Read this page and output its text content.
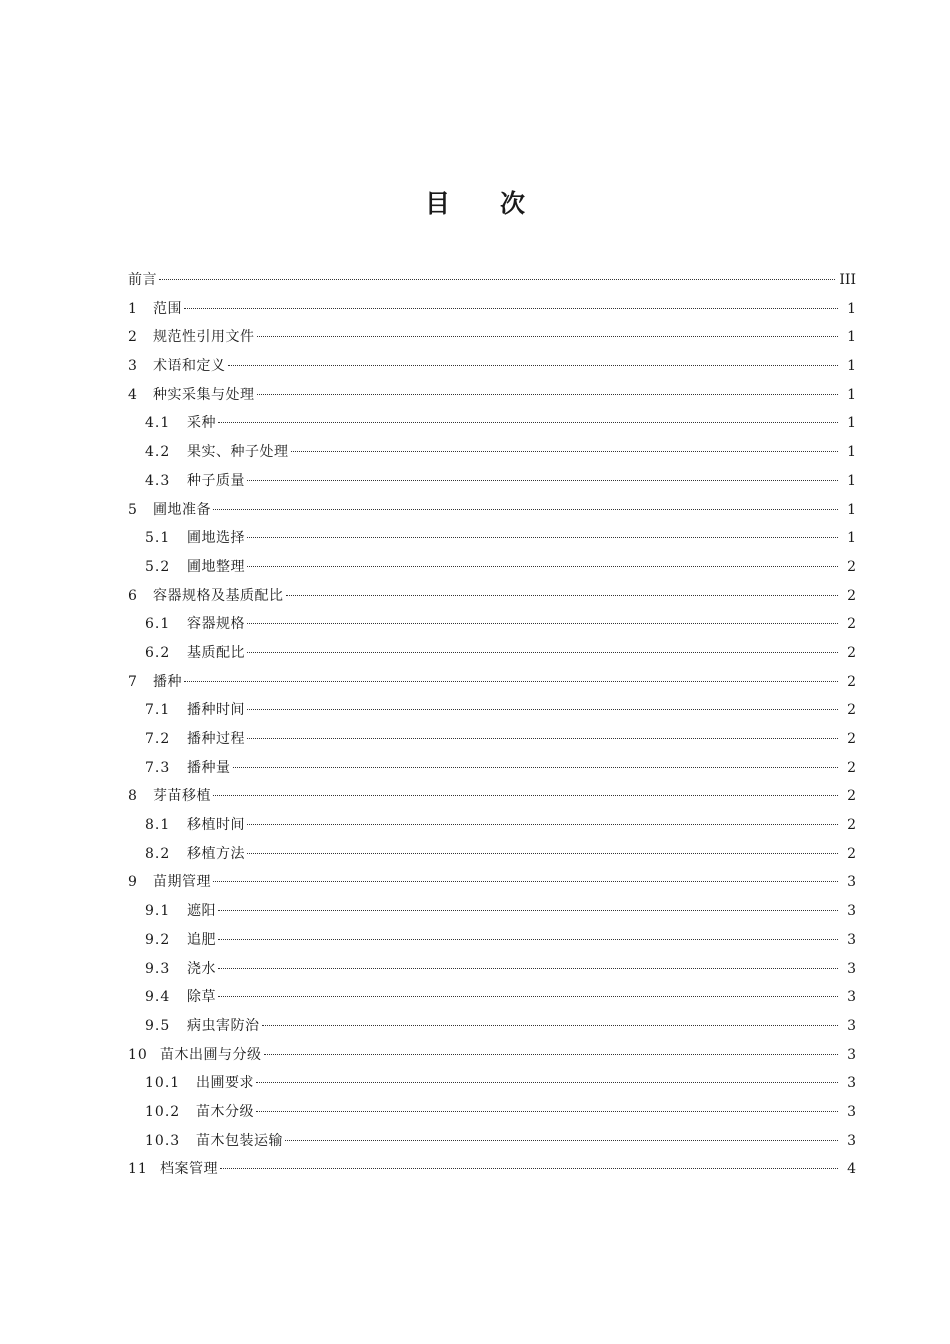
目次
前言	III
1	范围	1
2	规范性引用文件	1
3	术语和定义	1
4	种实采集与处理	1
4.1	采种	1
4.2	果实、种子处理	1
4.3	种子质量	1
5	圃地准备	1
5.1	圃地选择	1
5.2	圃地整理	2
6	容器规格及基质配比	2
6.1	容器规格	2
6.2	基质配比	2
7	播种	2
7.1	播种时间	2
7.2	播种过程	2
7.3	播种量	2
8	芽苗移植	2
8.1	移植时间	2
8.2	移植方法	2
9	苗期管理	3
9.1	遮阳	3
9.2	追肥	3
9.3	浇水	3
9.4	除草	3
9.5	病虫害防治	3
10 苗木出圃与分级	3
10.1	出圃要求	3
10.2	苗木分级	3
10.3	苗木包装运输	3
11 档案管理	4
